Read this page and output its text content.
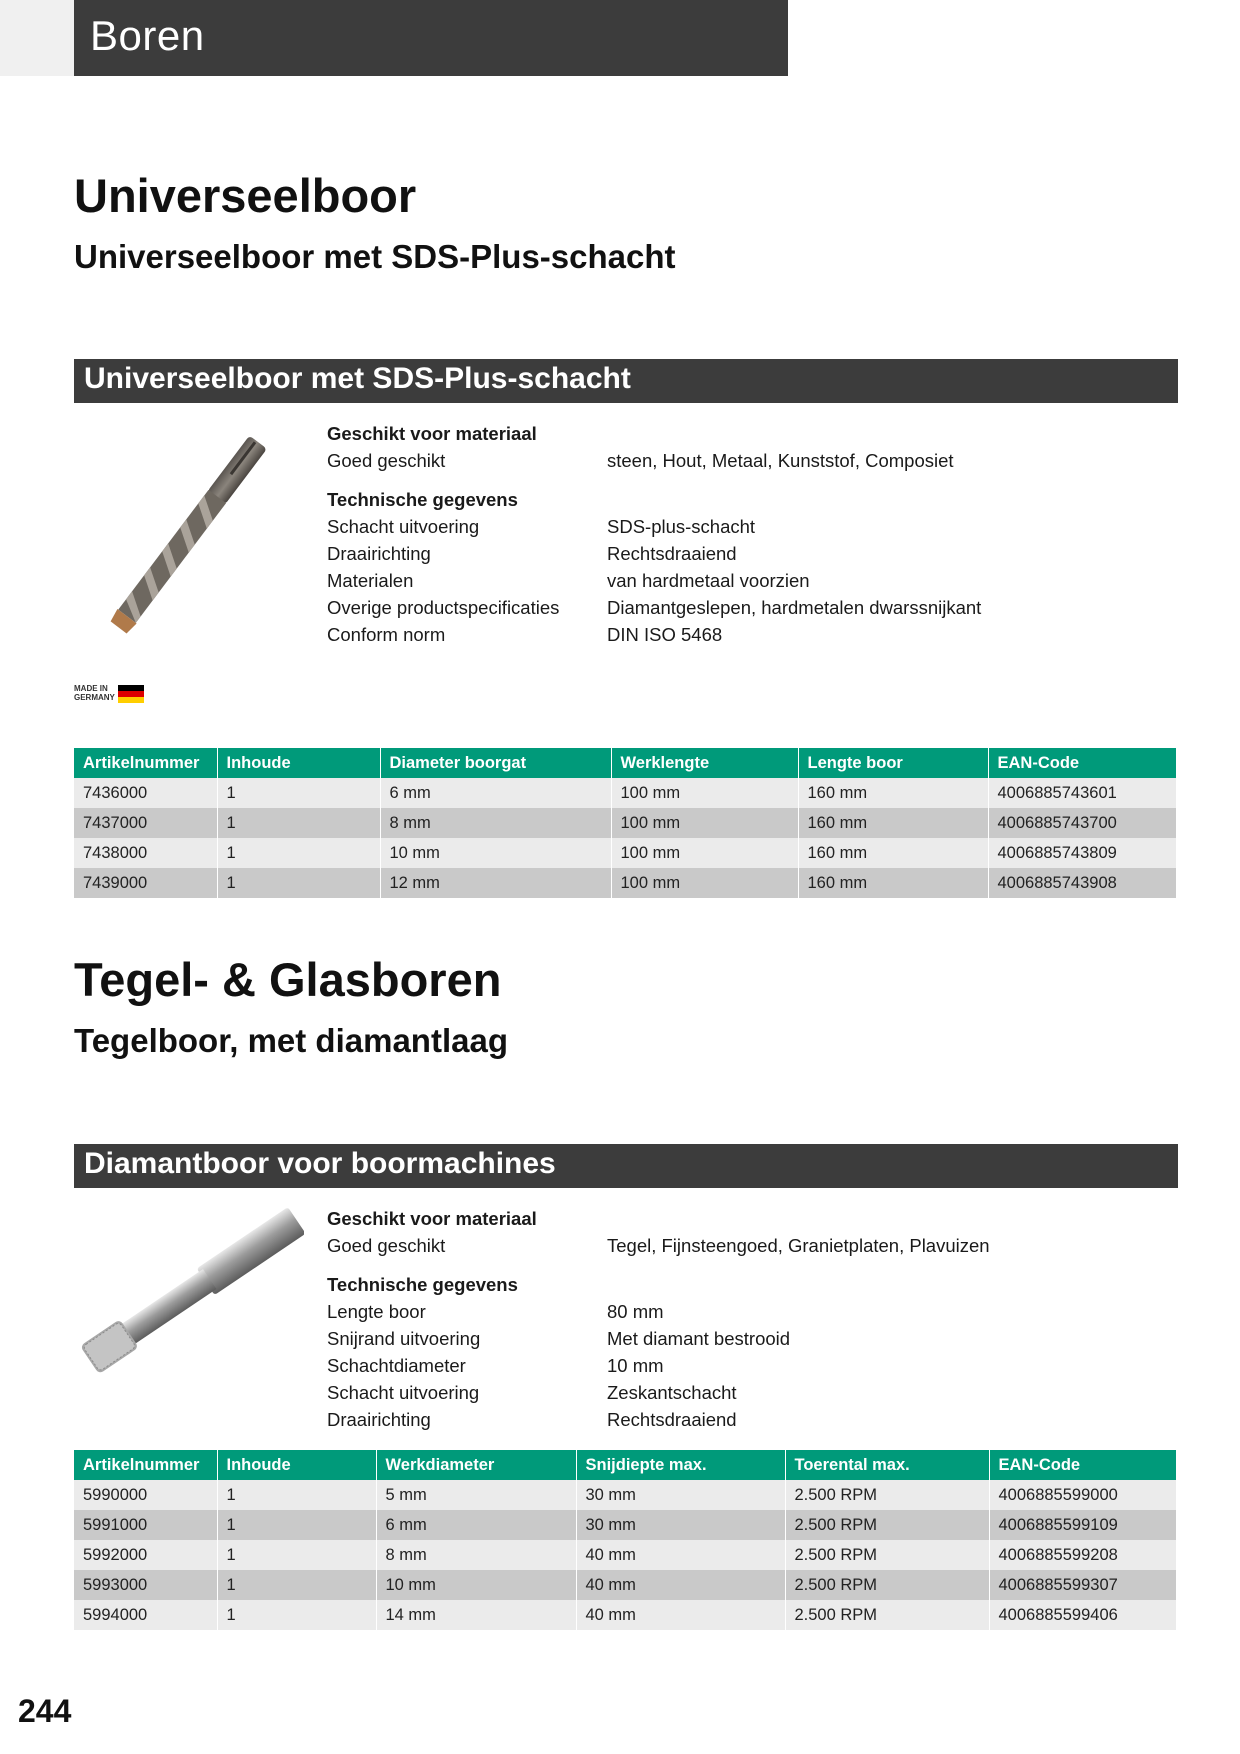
Boren
Universeelboor
Universeelboor met SDS-Plus-schacht
Universeelboor met SDS-Plus-schacht
Geschikt voor materiaal
Goed geschikt	steen, Hout, Metaal, Kunststof, Composiet
Technische gegevens
Schacht uitvoering	SDS-plus-schacht
Draairichting	Rechtsdraaiend
Materialen	van hardmetaal voorzien
Overige productspecificaties	Diamantgeslepen, hardmetalen dwarssnijkant
Conform norm	DIN ISO 5468
MADE IN GERMANY
Artikelnummer	Inhoude	Diameter boorgat	Werklengte	Lengte boor	EAN-Code
7436000	1	6 mm	100 mm	160 mm	4006885743601
7437000	1	8 mm	100 mm	160 mm	4006885743700
7438000	1	10 mm	100 mm	160 mm	4006885743809
7439000	1	12 mm	100 mm	160 mm	4006885743908
Tegel- & Glasboren
Tegelboor, met diamantlaag
Diamantboor voor boormachines
Geschikt voor materiaal
Goed geschikt	Tegel, Fijnsteengoed, Granietplaten, Plavuizen
Technische gegevens
Lengte boor	80 mm
Snijrand uitvoering	Met diamant bestrooid
Schachtdiameter	10 mm
Schacht uitvoering	Zeskantschacht
Draairichting	Rechtsdraaiend
Artikelnummer	Inhoude	Werkdiameter	Snijdiepte max.	Toerental max.	EAN-Code
5990000	1	5 mm	30 mm	2.500 RPM	4006885599000
5991000	1	6 mm	30 mm	2.500 RPM	4006885599109
5992000	1	8 mm	40 mm	2.500 RPM	4006885599208
5993000	1	10 mm	40 mm	2.500 RPM	4006885599307
5994000	1	14 mm	40 mm	2.500 RPM	4006885599406
244
